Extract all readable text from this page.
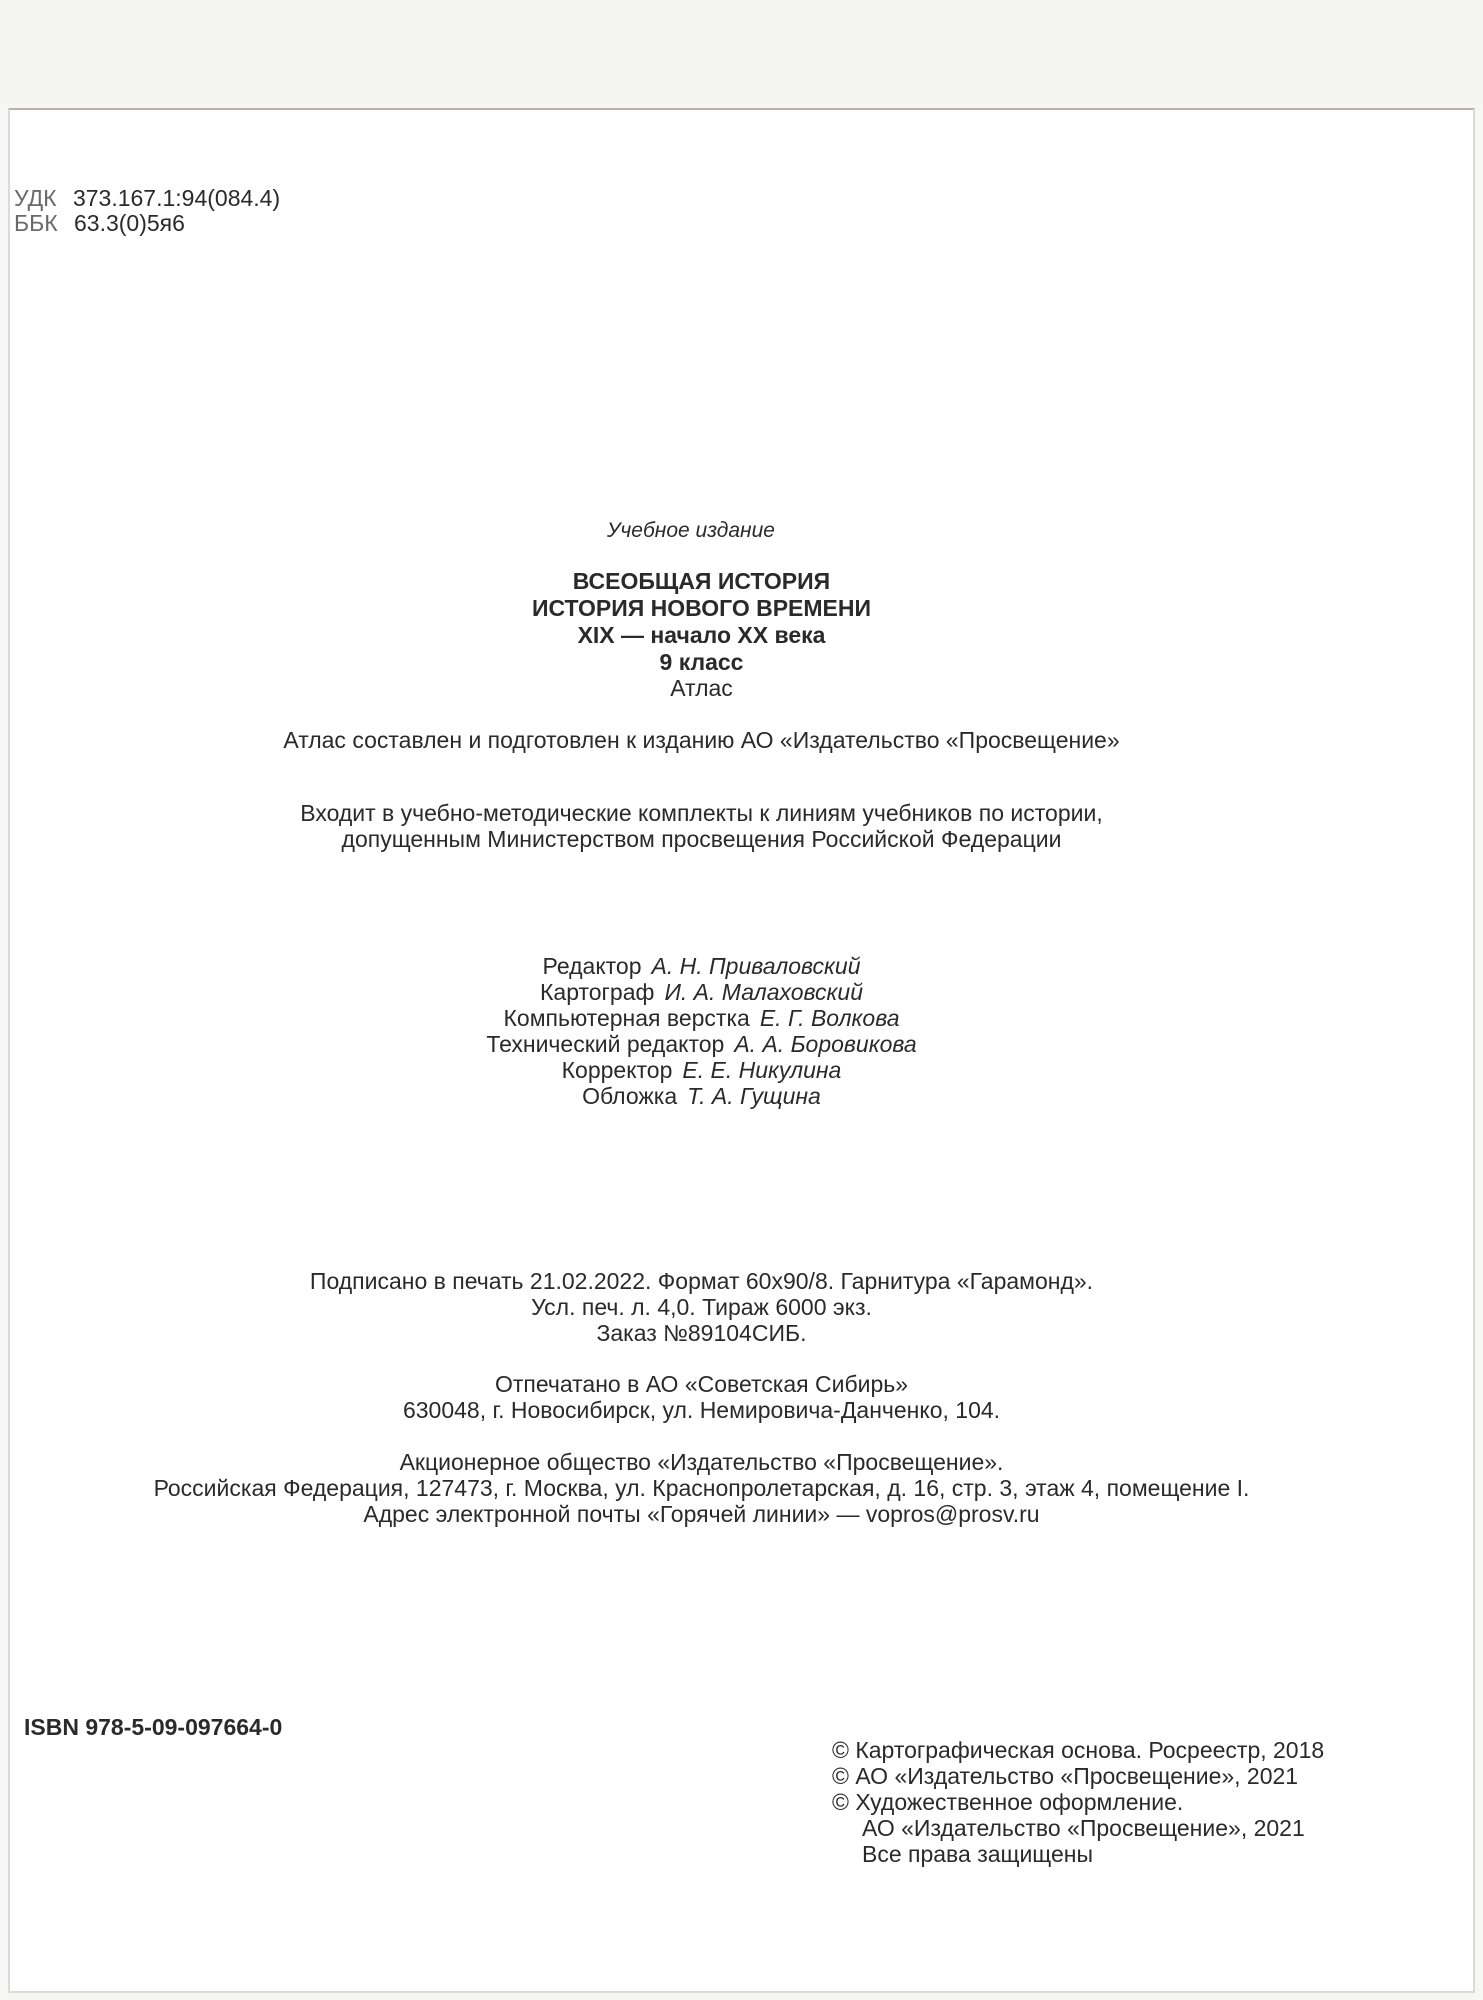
УДК 373.167.1:94(084.4)
ББК 63.3(0)5я6
Учебное издание
ВСЕОБЩАЯ ИСТОРИЯ
ИСТОРИЯ НОВОГО ВРЕМЕНИ
XIX — начало XX века
9 класс
Атлас
Атлас составлен и подготовлен к изданию АО «Издательство «Просвещение»
Входит в учебно-методические комплекты к линиям учебников по истории,
допущенным Министерством просвещения Российской Федерации
Редактор А. Н. Приваловский
Картограф И. А. Малаховский
Компьютерная верстка Е. Г. Волкова
Технический редактор А. А. Боровикова
Корректор Е. Е. Никулина
Обложка Т. А. Гущина
Подписано в печать 21.02.2022. Формат 60х90/8. Гарнитура «Гарамонд».
Усл. печ. л. 4,0. Тираж 6000 экз.
Заказ №89104СИБ.
Отпечатано в АО «Советская Сибирь»
630048, г. Новосибирск, ул. Немировича-Данченко, 104.
Акционерное общество «Издательство «Просвещение».
Российская Федерация, 127473, г. Москва, ул. Краснопролетарская, д. 16, стр. 3, этаж 4, помещение I.
Адрес электронной почты «Горячей линии» — vopros@prosv.ru
ISBN 978-5-09-097664-0
© Картографическая основа. Росреестр, 2018
© АО «Издательство «Просвещение», 2021
© Художественное оформление.
АО «Издательство «Просвещение», 2021
Все права защищены
